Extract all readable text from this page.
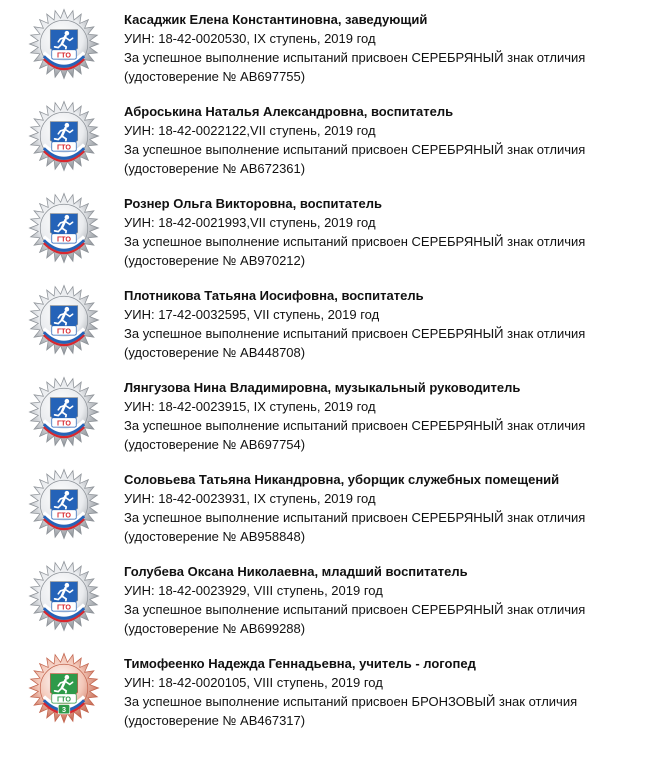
ГТО
Касаджик Елена Константиновна, заведующий
УИН: 18-42-0020530, IX ступень, 2019 год
За успешное выполнение испытаний присвоен СЕРЕБРЯНЫЙ знак отличия
(удостоверение № АВ697755)
ГТО
Аброськина Наталья Александровна, воспитатель
УИН: 18-42-0022122,VII ступень, 2019 год
За успешное выполнение испытаний присвоен СЕРЕБРЯНЫЙ знак отличия
(удостоверение № АВ672361)
ГТО
Рознер Ольга Викторовна, воспитатель
УИН: 18-42-0021993,VII ступень, 2019 год
За успешное выполнение испытаний присвоен СЕРЕБРЯНЫЙ знак отличия
(удостоверение № АВ970212)
ГТО
Плотникова Татьяна Иосифовна, воспитатель
УИН: 17-42-0032595, VII ступень, 2019 год
За успешное выполнение испытаний присвоен СЕРЕБРЯНЫЙ знак отличия
(удостоверение № АВ448708)
ГТО
Лянгузова Нина Владимировна, музыкальный руководитель
УИН: 18-42-0023915, IX ступень, 2019 год
За успешное выполнение испытаний присвоен СЕРЕБРЯНЫЙ знак отличия
(удостоверение № АВ697754)
ГТО
Соловьева Татьяна Никандровна, уборщик служебных помещений
УИН: 18-42-0023931, IX ступень, 2019 год
За успешное выполнение испытаний присвоен СЕРЕБРЯНЫЙ знак отличия
(удостоверение № АВ958848)
ГТО
Голубева Оксана Николаевна, младший воспитатель
УИН: 18-42-0023929, VIII ступень, 2019 год
За успешное выполнение испытаний присвоен СЕРЕБРЯНЫЙ знак отличия
(удостоверение № АВ699288)
ГТО
3
Тимофеенко Надежда Геннадьевна, учитель - логопед
УИН: 18-42-0020105, VIII ступень, 2019 год
За успешное выполнение испытаний присвоен БРОНЗОВЫЙ знак отличия
(удостоверение № АВ467317)
